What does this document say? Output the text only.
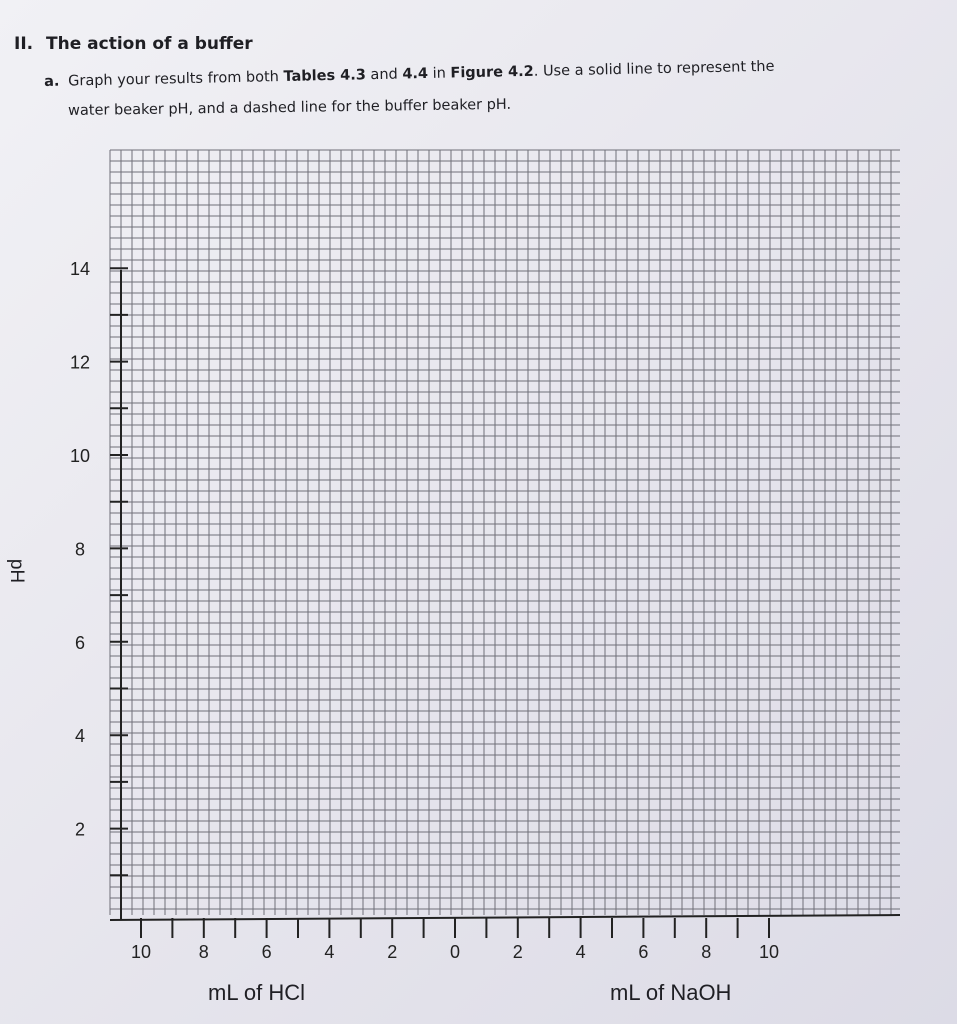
II. The action of a buffer
a. Graph your results from both Tables 4.3 and 4.4 in Figure 4.2. Use a solid line to represent the
water beaker pH, and a dashed line for the buffer beaker pH.
2
4
6
8
10
12
14
10	8	6	4	2	0	2	4	6	8	10
pH
mL of HCl	mL of NaOH
